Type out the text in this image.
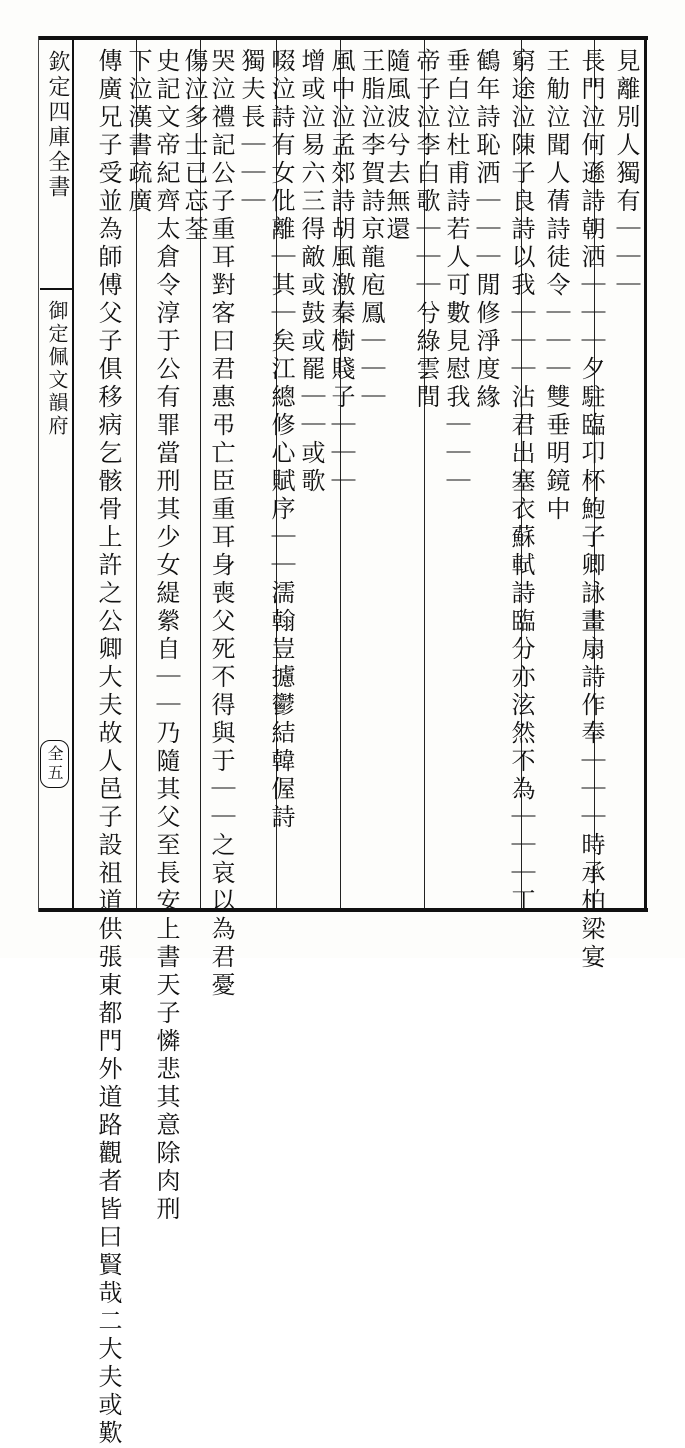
欽定四庫全書
御定佩文韻府
全五
見離別人獨有｜｜｜
長門泣何遜詩朝洒｜｜｜夕駐臨卭杯鮑子卿詠畫扇詩作奉｜｜｜時承柏梁宴
王觔泣聞人蒨詩徒令｜｜｜雙垂明鏡中
窮途泣陳子良詩以我｜｜｜沾君出塞衣蘇軾詩臨分亦泫然不為｜｜｜丁
鶴年詩恥洒｜｜｜閒修淨度緣
垂白泣杜甫詩若人可數見慰我｜｜｜
帝子泣李白歌｜｜｜兮綠雲間
隨風波兮去無還
王脂泣李賀詩京龍庖鳳｜｜｜
風中泣孟郊詩胡風激秦樹賤子｜｜｜
增或泣易六三得敵或鼓或罷｜｜或歌
啜泣詩有女仳離｜其｜矣江總修心賦序｜｜濡翰豈攄鬱結韓偓詩
獨夫長｜｜｜
哭泣禮記公子重耳對客曰君惠弔亡臣重耳身喪父死不得與于｜｜之哀以為君憂
傷泣多士已忘荃
史記文帝紀齊太倉令淳于公有罪當刑其少女緹縈自｜｜乃隨其父至長安上書天子憐悲其意除肉刑
下泣漢書疏廣
傳廣兄子受並為師傅父子俱移病乞骸骨上許之公卿大夫故人邑子設祖道供張東都門外道路觀者皆曰賢哉二大夫或歎
